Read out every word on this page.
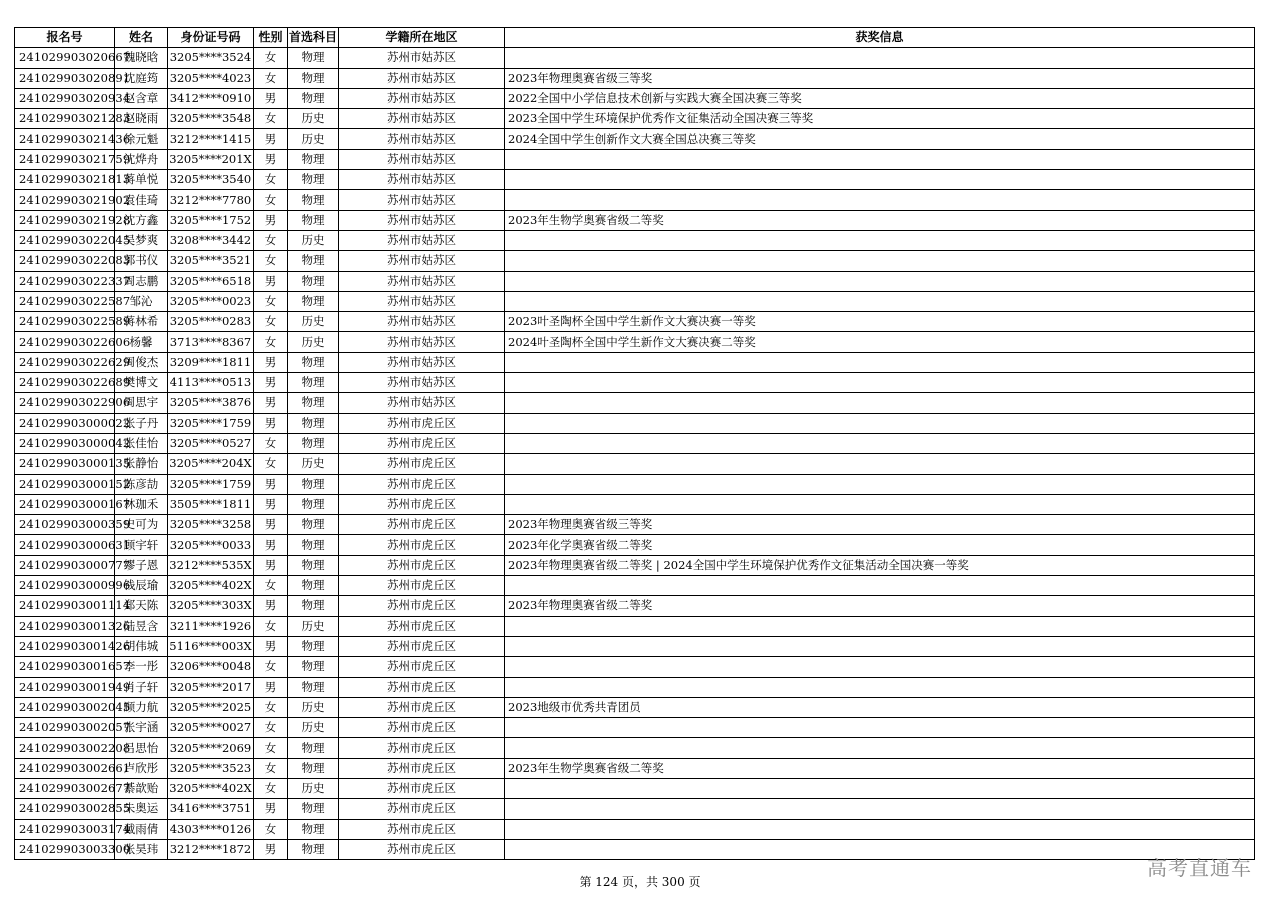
报名号	姓名	身份证号码	性别	首选科目	学籍所在地区	获奖信息
241029903020667	魏晓晗	3205****3524	女	物理	苏州市姑苏区	
241029903020891	沈庭筠	3205****4023	女	物理	苏州市姑苏区	2023年物理奥赛省级三等奖
241029903020934	赵含章	3412****0910	男	物理	苏州市姑苏区	2022全国中小学信息技术创新与实践大赛全国决赛三等奖
241029903021283	赵晓雨	3205****3548	女	历史	苏州市姑苏区	2023全国中学生环境保护优秀作文征集活动全国决赛三等奖
241029903021436	徐元魁	3212****1415	男	历史	苏州市姑苏区	2024全国中学生创新作文大赛全国总决赛三等奖
241029903021759	沈烨舟	3205****201X	男	物理	苏州市姑苏区	
241029903021813	蒋单悦	3205****3540	女	物理	苏州市姑苏区	
241029903021902	袁佳琦	3212****7780	女	物理	苏州市姑苏区	
241029903021928	沈方鑫	3205****1752	男	物理	苏州市姑苏区	2023年生物学奥赛省级二等奖
241029903022045	吴梦爽	3208****3442	女	历史	苏州市姑苏区	
241029903022083	郭书仪	3205****3521	女	物理	苏州市姑苏区	
241029903022337	周志鹏	3205****6518	男	物理	苏州市姑苏区	
241029903022587	邹沁	3205****0023	女	物理	苏州市姑苏区	
241029903022589	蒋林希	3205****0283	女	历史	苏州市姑苏区	2023叶圣陶杯全国中学生新作文大赛决赛一等奖
241029903022606	杨馨	3713****8367	女	历史	苏州市姑苏区	2024叶圣陶杯全国中学生新作文大赛决赛二等奖
241029903022629	周俊杰	3209****1811	男	物理	苏州市姑苏区	
241029903022689	樊博文	4113****0513	男	物理	苏州市姑苏区	
241029903022906	周思宇	3205****3876	男	物理	苏州市姑苏区	
241029903000022	张子丹	3205****1759	男	物理	苏州市虎丘区	
241029903000042	张佳怡	3205****0527	女	物理	苏州市虎丘区	
241029903000135	张静怡	3205****204X	女	历史	苏州市虎丘区	
241029903000152	陈彦劼	3205****1759	男	物理	苏州市虎丘区	
241029903000167	林珈禾	3505****1811	男	物理	苏州市虎丘区	
241029903000359	史可为	3205****3258	男	物理	苏州市虎丘区	2023年物理奥赛省级三等奖
241029903000631	顾宇轩	3205****0033	男	物理	苏州市虎丘区	2023年化学奥赛省级二等奖
241029903000777	缪子恩	3212****535X	男	物理	苏州市虎丘区	2023年物理奥赛省级二等奖 | 2024全国中学生环境保护优秀作文征集活动全国决赛一等奖
241029903000996	钱辰瑜	3205****402X	女	物理	苏州市虎丘区	
241029903001114	郑天陈	3205****303X	男	物理	苏州市虎丘区	2023年物理奥赛省级二等奖
241029903001326	陆昱含	3211****1926	女	历史	苏州市虎丘区	
241029903001426	胡伟城	5116****003X	男	物理	苏州市虎丘区	
241029903001657	李一彤	3206****0048	女	物理	苏州市虎丘区	
241029903001949	肖子轩	3205****2017	男	物理	苏州市虎丘区	
241029903002045	顾力航	3205****2025	女	历史	苏州市虎丘区	2023地级市优秀共青团员
241029903002057	张宇涵	3205****0027	女	历史	苏州市虎丘区	
241029903002208	吕思怡	3205****2069	女	物理	苏州市虎丘区	
241029903002661	卢欣彤	3205****3523	女	物理	苏州市虎丘区	2023年生物学奥赛省级二等奖
241029903002677	綦歆贻	3205****402X	女	历史	苏州市虎丘区	
241029903002855	朱奥运	3416****3751	男	物理	苏州市虎丘区	
241029903003174	戴雨倩	4303****0126	女	物理	苏州市虎丘区	
241029903003300	张昊玮	3212****1872	男	物理	苏州市虎丘区	
第 124 页，共 300 页
高考直通车
